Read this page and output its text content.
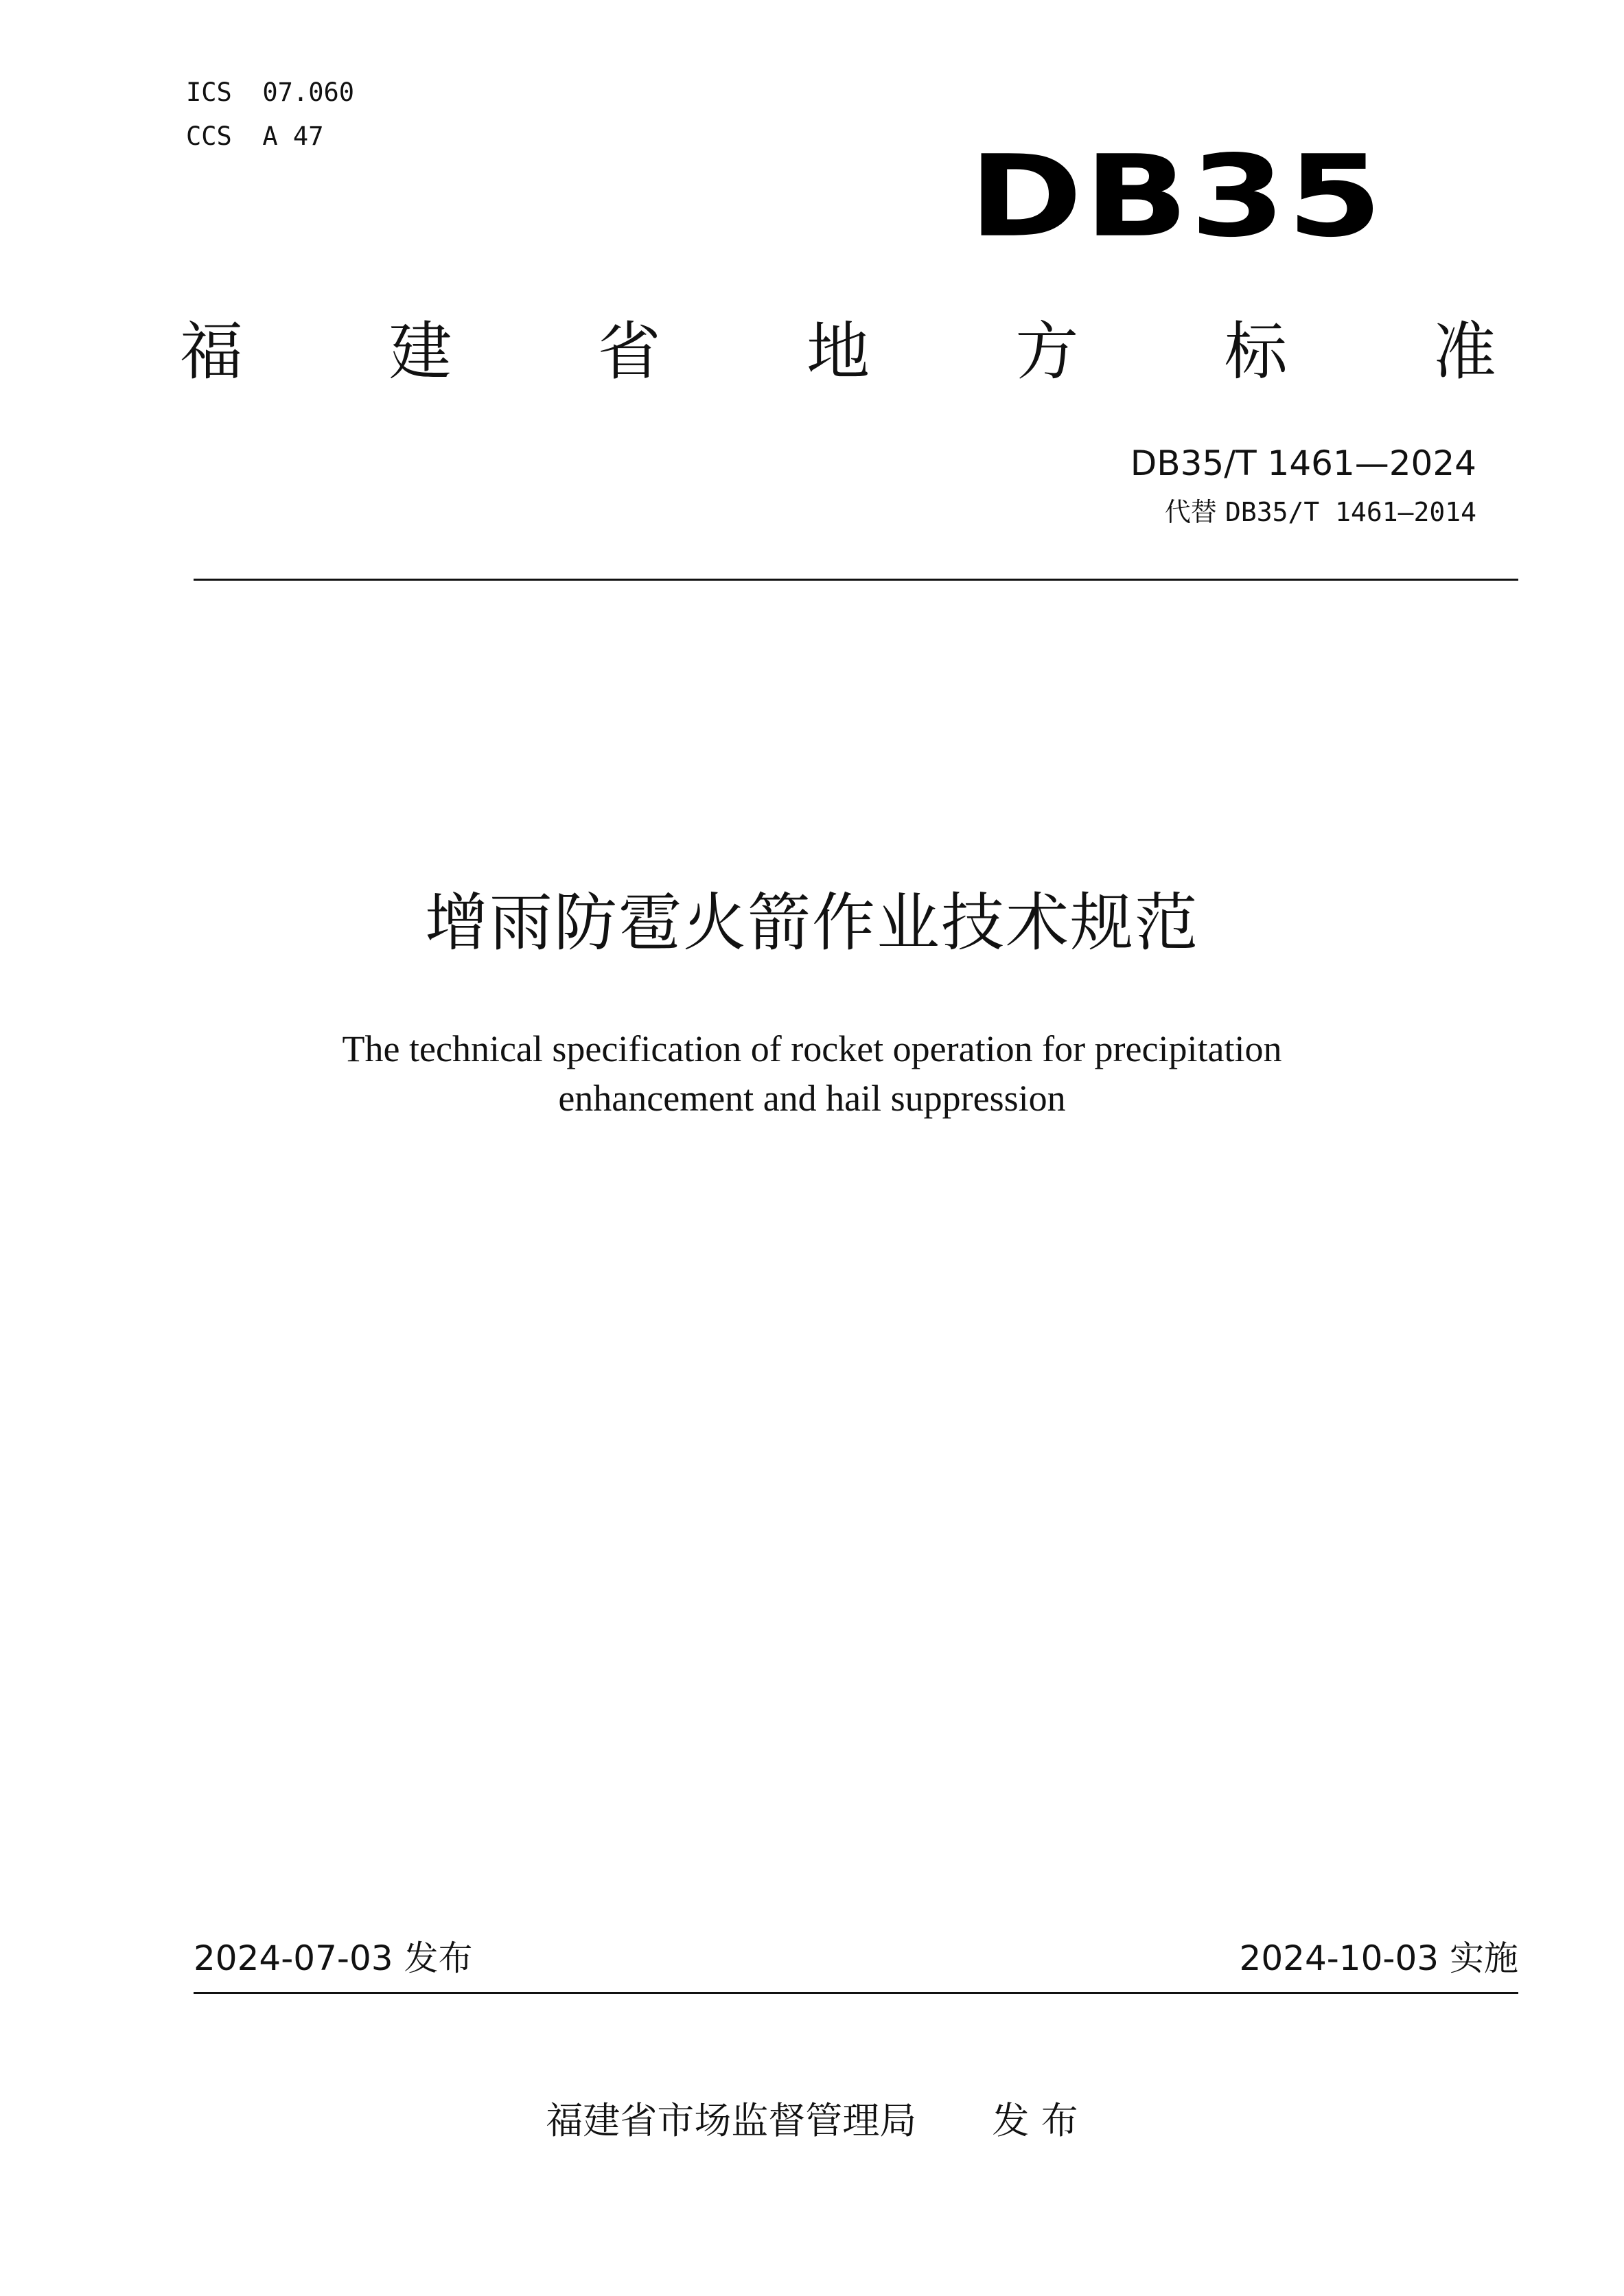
ICS  07.060
CCS  A 47	DB35
福 建 省 地 方 标 准
DB35/T 1461—2024
代替 DB35/T 1461—2014
增雨防雹火箭作业技术规范
The technical specification of rocket operation for precipitation
enhancement and hail suppression
2024-07-03 发布	2024-10-03 实施
福建省市场监督管理局 发 布
